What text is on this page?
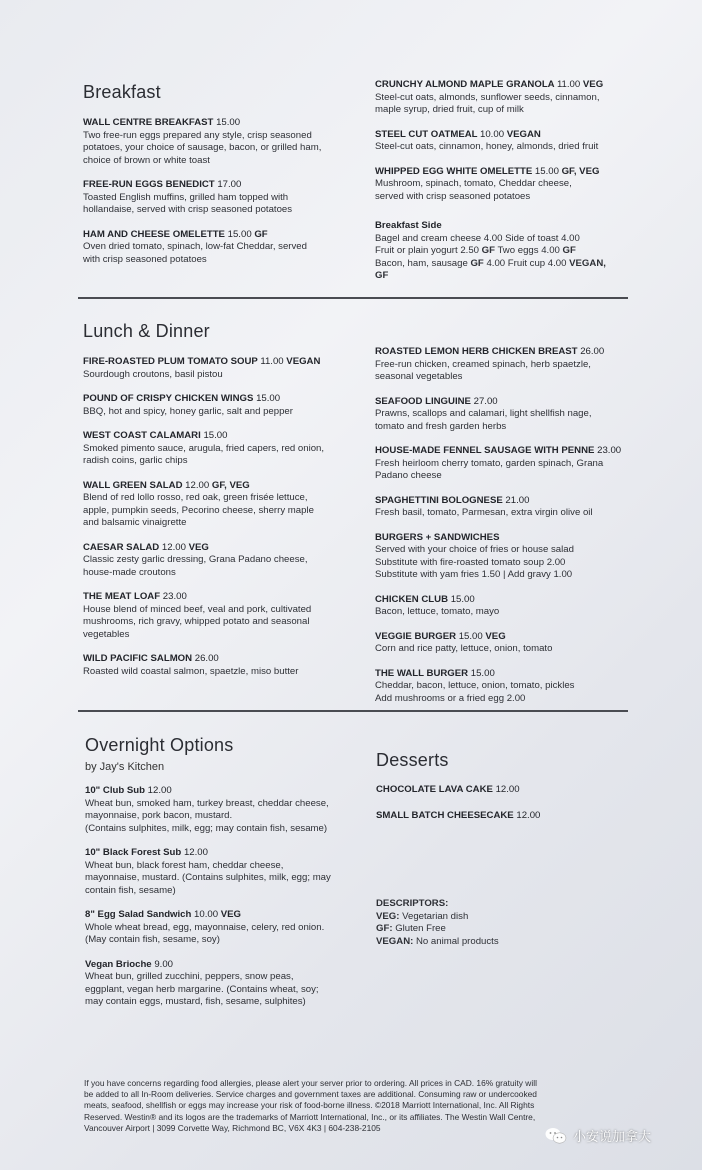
Breakfast
WALL CENTRE BREAKFAST 15.00
Two free-run eggs prepared any style, crisp seasoned
potatoes, your choice of sausage, bacon, or grilled ham,
choice of brown or white toast
FREE-RUN EGGS BENEDICT 17.00
Toasted English muffins, grilled ham topped with
hollandaise, served with crisp seasoned potatoes
HAM AND CHEESE OMELETTE 15.00 GF
Oven dried tomato, spinach, low-fat Cheddar, served
with crisp seasoned potatoes
CRUNCHY ALMOND MAPLE GRANOLA 11.00 VEG
Steel-cut oats, almonds, sunflower seeds, cinnamon,
maple syrup, dried fruit, cup of milk
STEEL CUT OATMEAL 10.00 VEGAN
Steel-cut oats, cinnamon, honey, almonds, dried fruit
WHIPPED EGG WHITE OMELETTE 15.00 GF, VEG
Mushroom, spinach, tomato, Cheddar cheese,
served with crisp seasoned potatoes
Breakfast Side
Bagel and cream cheese 4.00 Side of toast 4.00
Fruit or plain yogurt 2.50 GF Two eggs 4.00 GF
Bacon, ham, sausage GF 4.00 Fruit cup 4.00 VEGAN,
GF
Lunch & Dinner
FIRE-ROASTED PLUM TOMATO SOUP 11.00 VEGAN
Sourdough croutons, basil pistou
POUND OF CRISPY CHICKEN WINGS 15.00
BBQ, hot and spicy, honey garlic, salt and pepper
WEST COAST CALAMARI 15.00
Smoked pimento sauce, arugula, fried capers, red onion,
radish coins, garlic chips
WALL GREEN SALAD 12.00 GF, VEG
Blend of red lollo rosso, red oak, green frisée lettuce,
apple, pumpkin seeds, Pecorino cheese, sherry maple
and balsamic vinaigrette
CAESAR SALAD 12.00 VEG
Classic zesty garlic dressing, Grana Padano cheese,
house-made croutons
THE MEAT LOAF 23.00
House blend of minced beef, veal and pork, cultivated
mushrooms, rich gravy, whipped potato and seasonal
vegetables
WILD PACIFIC SALMON 26.00
Roasted wild coastal salmon, spaetzle, miso butter
ROASTED LEMON HERB CHICKEN BREAST 26.00
Free-run chicken, creamed spinach, herb spaetzle,
seasonal vegetables
SEAFOOD LINGUINE 27.00
Prawns, scallops and calamari, light shellfish nage,
tomato and fresh garden herbs
HOUSE-MADE FENNEL SAUSAGE WITH PENNE 23.00
Fresh heirloom cherry tomato, garden spinach, Grana
Padano cheese
SPAGHETTINI BOLOGNESE 21.00
Fresh basil, tomato, Parmesan, extra virgin olive oil
BURGERS + SANDWICHES
Served with your choice of fries or house salad
Substitute with fire-roasted tomato soup 2.00
Substitute with yam fries 1.50 | Add gravy 1.00
CHICKEN CLUB 15.00
Bacon, lettuce, tomato, mayo
VEGGIE BURGER 15.00 VEG
Corn and rice patty, lettuce, onion, tomato
THE WALL BURGER 15.00
Cheddar, bacon, lettuce, onion, tomato, pickles
Add mushrooms or a fried egg 2.00
Overnight Options
by Jay's Kitchen
10" Club Sub 12.00
Wheat bun, smoked ham, turkey breast, cheddar cheese,
mayonnaise, pork bacon, mustard.
(Contains sulphites, milk, egg; may contain fish, sesame)
10" Black Forest Sub 12.00
Wheat bun, black forest ham, cheddar cheese,
mayonnaise, mustard. (Contains sulphites, milk, egg; may
contain fish, sesame)
8" Egg Salad Sandwich 10.00 VEG
Whole wheat bread, egg, mayonnaise, celery, red onion.
(May contain fish, sesame, soy)
Vegan Brioche 9.00
Wheat bun, grilled zucchini, peppers, snow peas,
eggplant, vegan herb margarine. (Contains wheat, soy;
may contain eggs, mustard, fish, sesame, sulphites)
Desserts
CHOCOLATE LAVA CAKE 12.00
SMALL BATCH CHEESECAKE 12.00
DESCRIPTORS:
VEG: Vegetarian dish
GF: Gluten Free
VEGAN: No animal products
If you have concerns regarding food allergies, please alert your server prior to ordering. All prices in CAD. 16% gratuity will
be added to all In-Room deliveries. Service charges and government taxes are additional. Consuming raw or undercooked
meats, seafood, shellfish or eggs may increase your risk of food-borne illness. ©2018 Marriott International, Inc. All Rights
Reserved. Westin® and its logos are the trademarks of Marriott International, Inc., or its affiliates. The Westin Wall Centre,
Vancouver Airport | 3099 Corvette Way, Richmond BC, V6X 4K3 | 604-238-2105
小安说加拿大
